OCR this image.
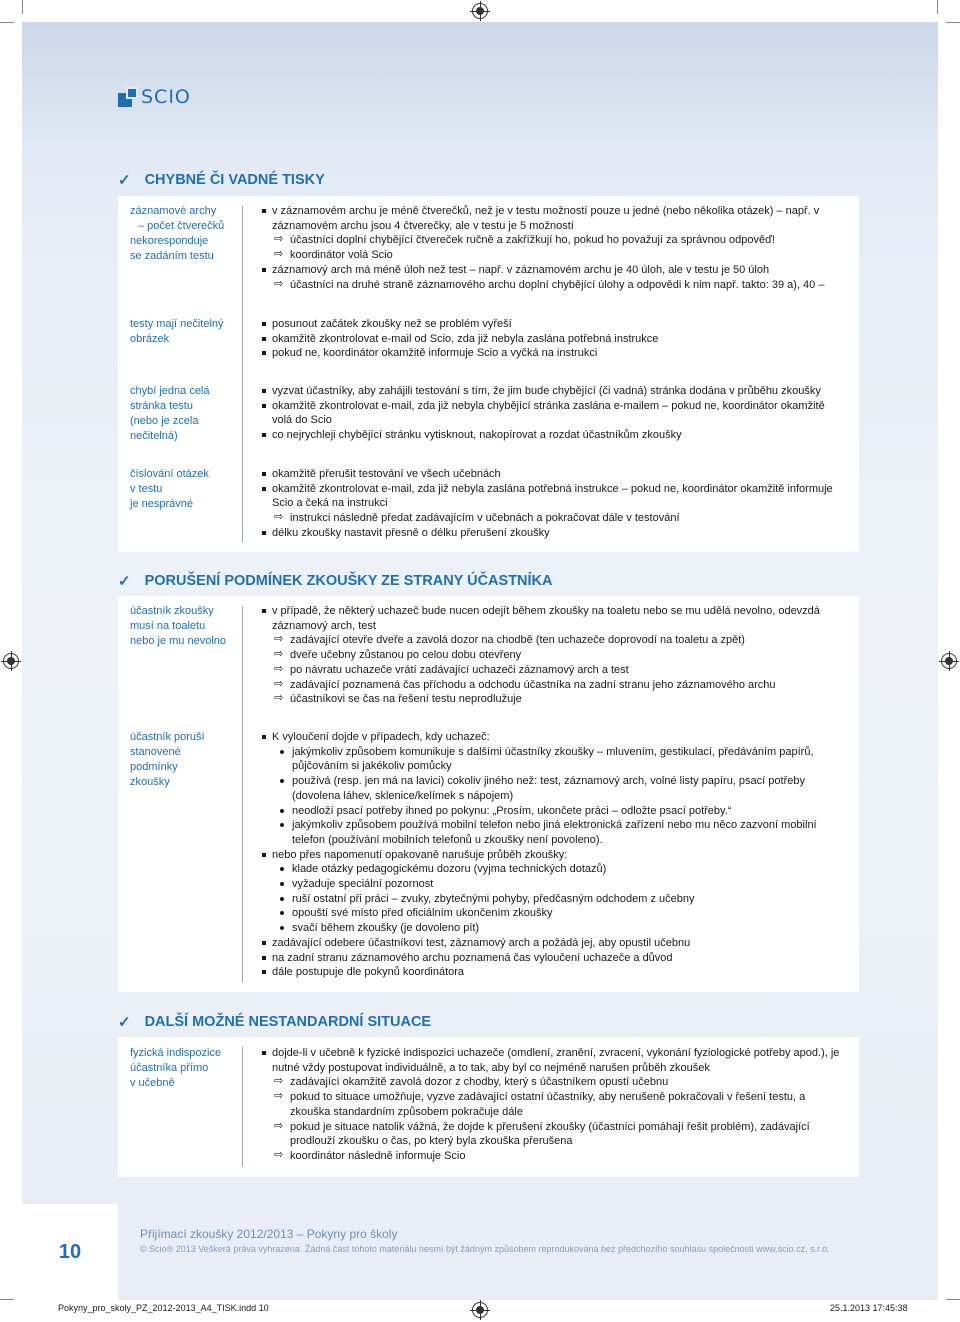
SCIO
✓ CHYBNÉ ČI VADNÉ TISKY
záznamové archy
– počet čtverečků
nekoresponduje
se zadáním testu
v záznamovém archu je méně čtverečků, než je v testu možností pouze u jedné (nebo několika otázek) – např. v záznamovém archu jsou 4 čtverečky, ale v testu je 5 možností
⇨ účastníci doplní chybějící čtvereček ručně a zakřížkují ho, pokud ho považují za správnou odpověď!
⇨ koordinátor volá Scio
záznamový arch má méně úloh než test – např. v záznamovém archu je 40 úloh, ale v testu je 50 úloh
⇨ účastníci na druhé straně záznamového archu doplní chybějící úlohy a odpovědi k nim např. takto: 39 a), 40 –
testy mají nečitelný
obrázek
posunout začátek zkoušky než se problém vyřeší
okamžitě zkontrolovat e-mail od Scio, zda již nebyla zaslána potřebná instrukce
pokud ne, koordinátor okamžitě informuje Scio a vyčká na instrukci
chybí jedna celá
stránka testu
(nebo je zcela
nečitelná)
vyzvat účastníky, aby zahájili testování s tím, že jim bude chybějící (či vadná) stránka dodána v průběhu zkoušky
okamžitě zkontrolovat e-mail, zda již nebyla chybějící stránka zaslána e-mailem – pokud ne, koordinátor okamžitě volá do Scio
co nejrychleji chybějící stránku vytisknout, nakopírovat a rozdat účastníkům zkoušky
číslování otázek
v testu
je nesprávné
okamžitě přerušit testování ve všech učebnách
okamžitě zkontrolovat e-mail, zda již nebyla zaslána potřebná instrukce – pokud ne, koordinátor okamžitě informuje Scio a čeká na instrukci
⇨ instrukci následně předat zadávajícím v učebnách a pokračovat dále v testování
délku zkoušky nastavit přesně o délku přerušení zkoušky
✓ PORUŠENÍ PODMÍNEK ZKOUŠKY ZE STRANY ÚČASTNÍKA
účastník zkoušky
musí na toaletu
nebo je mu nevolno
v případě, že některý uchazeč bude nucen odejít během zkoušky na toaletu nebo se mu udělá nevolno, odevzdá záznamový arch, test
⇨ zadávající otevře dveře a zavolá dozor na chodbě (ten uchazeče doprovodí na toaletu a zpět)
⇨ dveře učebny zůstanou po celou dobu otevřeny
⇨ po návratu uchazeče vrátí zadávající uchazeči záznamový arch a test
⇨ zadávající poznamená čas příchodu a odchodu účastníka na zadní stranu jeho záznamového archu
⇨ účastníkovi se čas na řešení testu neprodlužuje
účastník poruší
stanovené podmínky
zkoušky
K vyloučení dojde v případech, kdy uchazeč:
jakýmkoliv způsobem komunikuje s dalšími účastníky zkoušky – mluvením, gestikulací, předáváním papírů, půjčováním si jakékoliv pomůcky
používá (resp. jen má na lavici) cokoliv jiného než: test, záznamový arch, volné listy papíru, psací potřeby (dovolena láhev, sklenice/kelímek s nápojem)
neodloží psací potřeby ihned po pokynu: „Prosím, ukončete práci – odložte psací potřeby.“
jakýmkoliv způsobem používá mobilní telefon nebo jiná elektronická zařízení nebo mu něco zazvoní mobilní telefon (používání mobilních telefonů u zkoušky není povoleno).
nebo přes napomenutí opakovaně narušuje průběh zkoušky:
klade otázky pedagogickému dozoru (vyjma technických dotazů)
vyžaduje speciální pozornost
ruší ostatní při práci – zvuky, zbytečnými pohyby, předčasným odchodem z učebny
opouští své místo před oficiálním ukončením zkoušky
svačí během zkoušky (je dovoleno pít)
zadávající odebere účastníkovi test, záznamový arch a požádá jej, aby opustil učebnu
na zadní stranu záznamového archu poznamená čas vyloučení uchazeče a důvod
dále postupuje dle pokynů koordinátora
✓ DALŠÍ MOŽNÉ NESTANDARDNÍ SITUACE
fyzická indispozice
účastníka přímo
v učebně
dojde-li v učebně k fyzické indispozici uchazeče (omdlení, zranění, zvracení, vykonání fyziologické potřeby apod.), je nutné vždy postupovat individuálně, a to tak, aby byl co nejméně narušen průběh zkoušek
⇨ zadávající okamžitě zavolá dozor z chodby, který s účastníkem opustí učebnu
⇨ pokud to situace umožňuje, vyzve zadávající ostatní účastníky, aby nerušeně pokračovali v řešení testu, a zkouška standardním způsobem pokračuje dále
⇨ pokud je situace natolik vážná, že dojde k přerušení zkoušky (účastníci pomáhají řešit problém), zadávající prodlouží zkoušku o čas, po který byla zkouška přerušena
⇨ koordinátor následně informuje Scio
10
Přijímací zkoušky 2012/2013 – Pokyny pro školy
© Scio® 2013 Veškerá práva vyhrazena. Žádná část tohoto materiálu nesmí být žádným způsobem reprodukována bez předchozího souhlasu společnosti www.scio.cz, s.r.o.
Pokyny_pro_skoly_PZ_2012-2013_A4_TISK.indd 10	25.1.2013 17:45:38
